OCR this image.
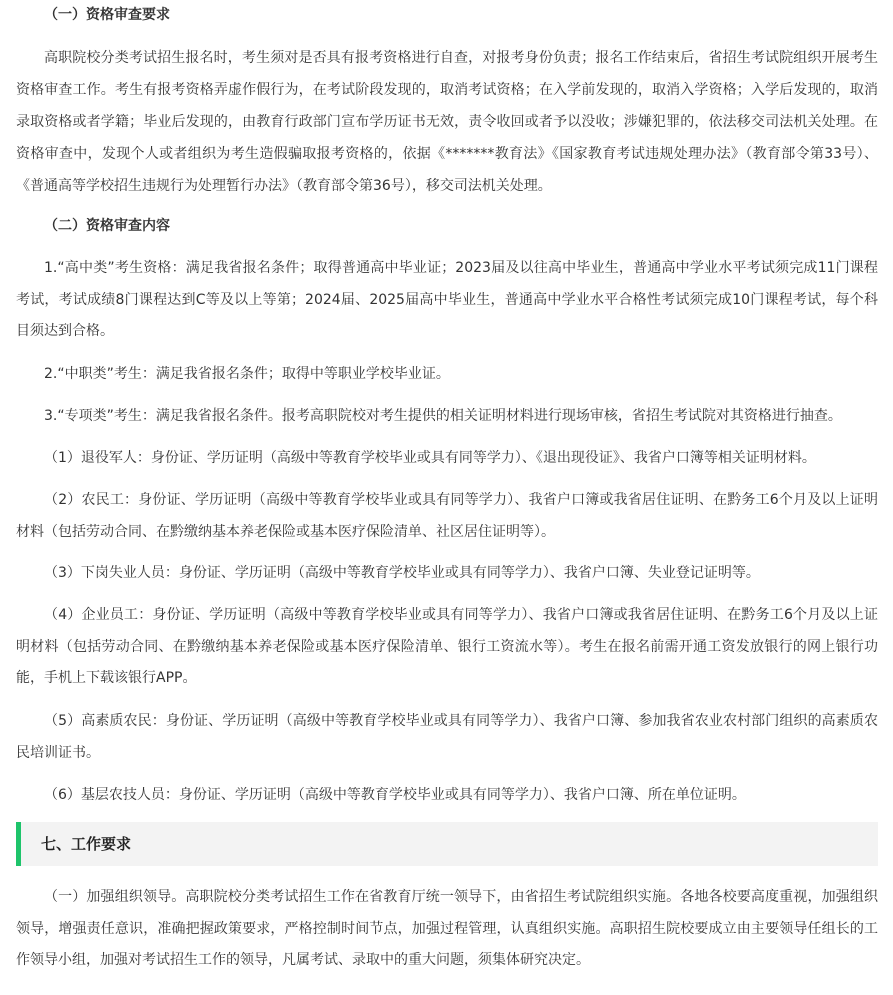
（一）资格审查要求

高职院校分类考试招生报名时，考生须对是否具有报考资格进行自查，对报考身份负责；报名工作结束后，省招生考试院组织开展考生资格审查工作。考生有报考资格弄虚作假行为，在考试阶段发现的，取消考试资格；在入学前发现的，取消入学资格；入学后发现的，取消录取资格或者学籍；毕业后发现的，由教育行政部门宣布学历证书无效，责令收回或者予以没收；涉嫌犯罪的，依法移交司法机关处理。在资格审查中，发现个人或者组织为考生造假骗取报考资格的，依据《*******教育法》《国家教育考试违规处理办法》（教育部令第33号）、《普通高等学校招生违规行为处理暂行办法》（教育部令第36号），移交司法机关处理。

（二）资格审查内容

1.“高中类”考生资格：满足我省报名条件；取得普通高中毕业证；2023届及以往高中毕业生，普通高中学业水平考试须完成11门课程考试，考试成绩8门课程达到C等及以上等第；2024届、2025届高中毕业生，普通高中学业水平合格性考试须完成10门课程考试，每个科目须达到合格。

2.“中职类”考生：满足我省报名条件；取得中等职业学校毕业证。

3.“专项类”考生：满足我省报名条件。报考高职院校对考生提供的相关证明材料进行现场审核，省招生考试院对其资格进行抽查。

（1）退役军人：身份证、学历证明（高级中等教育学校毕业或具有同等学力）、《退出现役证》、我省户口簿等相关证明材料。

（2）农民工：身份证、学历证明（高级中等教育学校毕业或具有同等学力）、我省户口簿或我省居住证明、在黔务工6个月及以上证明材料（包括劳动合同、在黔缴纳基本养老保险或基本医疗保险清单、社区居住证明等）。

（3）下岗失业人员：身份证、学历证明（高级中等教育学校毕业或具有同等学力）、我省户口簿、失业登记证明等。

（4）企业员工：身份证、学历证明（高级中等教育学校毕业或具有同等学力）、我省户口簿或我省居住证明、在黔务工6个月及以上证明材料（包括劳动合同、在黔缴纳基本养老保险或基本医疗保险清单、银行工资流水等）。考生在报名前需开通工资发放银行的网上银行功能，手机上下载该银行APP。

（5）高素质农民：身份证、学历证明（高级中等教育学校毕业或具有同等学力）、我省户口簿、参加我省农业农村部门组织的高素质农民培训证书。

（6）基层农技人员：身份证、学历证明（高级中等教育学校毕业或具有同等学力）、我省户口簿、所在单位证明。

七、工作要求

（一）加强组织领导。高职院校分类考试招生工作在省教育厅统一领导下，由省招生考试院组织实施。各地各校要高度重视，加强组织领导，增强责任意识，准确把握政策要求，严格控制时间节点，加强过程管理，认真组织实施。高职招生院校要成立由主要领导任组长的工作领导小组，加强对考试招生工作的领导，凡属考试、录取中的重大问题，须集体研究决定。
